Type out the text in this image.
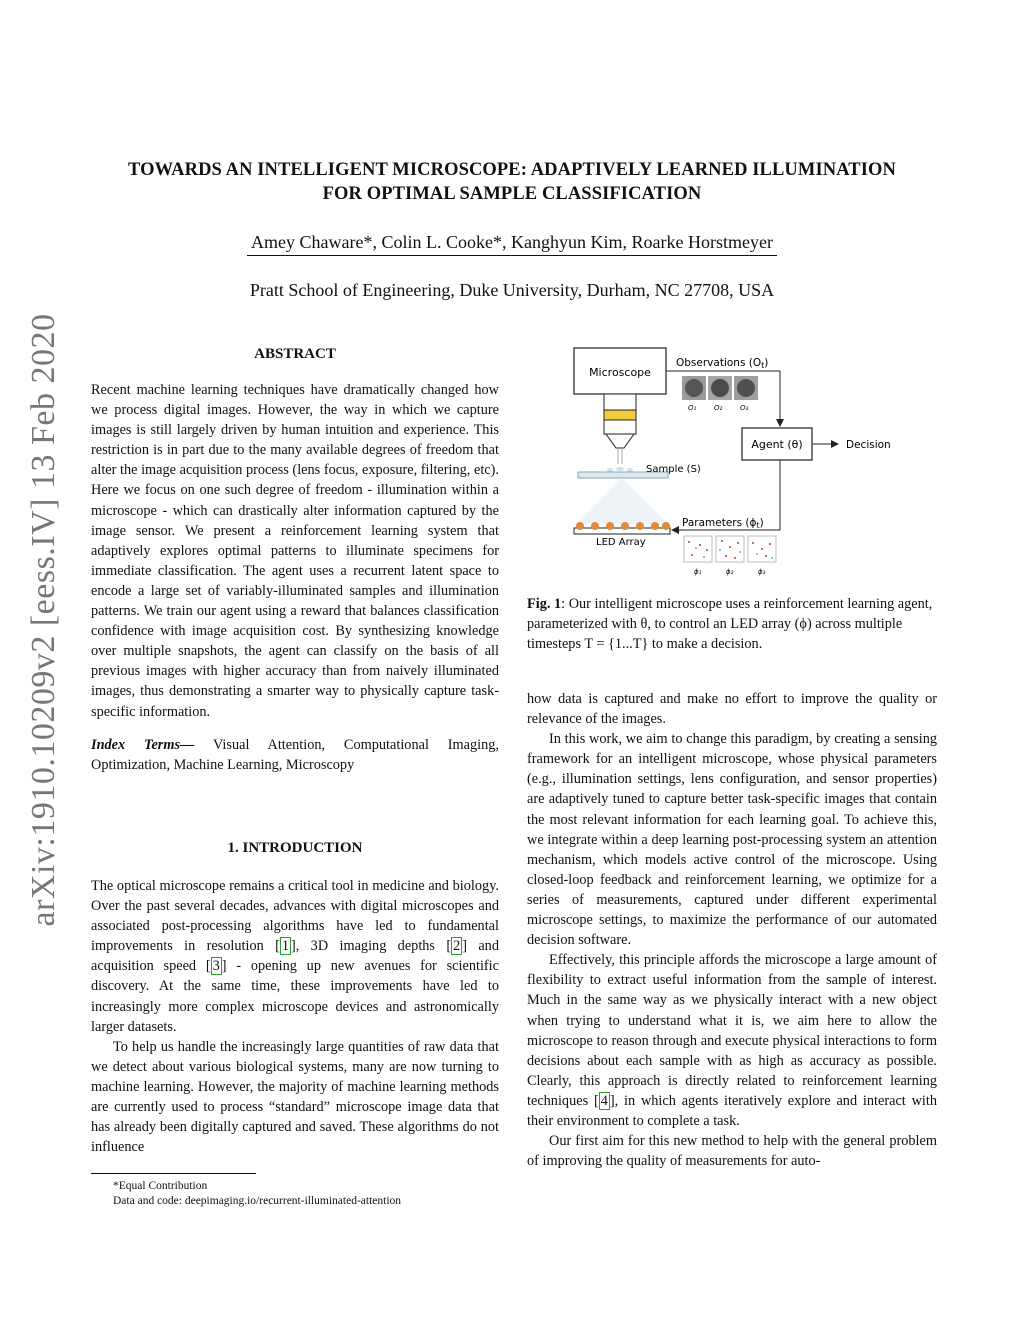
TOWARDS AN INTELLIGENT MICROSCOPE: ADAPTIVELY LEARNED ILLUMINATION
FOR OPTIMAL SAMPLE CLASSIFICATION
Amey Chaware*, Colin L. Cooke*, Kanghyun Kim, Roarke Horstmeyer
Pratt School of Engineering, Duke University, Durham, NC 27708, USA
arXiv:1910.10209v2 [eess.IV] 13 Feb 2020	ABSTRACT

Recent machine learning techniques have dramatically changed how we process digital images. However, the way in which we capture images is still largely driven by human intuition and experience. This restriction is in part due to the many available degrees of freedom that alter the image acquisition process (lens focus, exposure, filtering, etc). Here we focus on one such degree of freedom - illumination within a microscope - which can drastically alter information captured by the image sensor. We present a reinforcement learning system that adaptively explores optimal patterns to illuminate specimens for immediate classification. The agent uses a recurrent latent space to encode a large set of variably-illuminated samples and illumination patterns. We train our agent using a reward that balances classification confidence with image acquisition cost. By synthesizing knowledge over multiple snapshots, the agent can classify on the basis of all previous images with higher accuracy than from naively illuminated images, thus demonstrating a smarter way to physically capture task-specific information.

Index Terms— Visual Attention, Computational Imaging, Optimization, Machine Learning, Microscopy

1. INTRODUCTION

The optical microscope remains a critical tool in medicine and biology. Over the past several decades, advances with digital microscopes and associated post-processing algorithms have led to fundamental improvements in resolution [ 1 ], 3D imaging depths [ 2 ] and acquisition speed [ 3 ] - opening up new avenues for scientific discovery. At the same time, these improvements have led to increasingly more complex microscope devices and astronomically larger datasets.

To help us handle the increasingly large quantities of raw data that we detect about various biological systems, many are now turning to machine learning. However, the majority of machine learning methods are currently used to process “standard” microscope image data that has already been digitally captured and saved. These algorithms do not influence

*Equal Contribution
Data and code: deepimaging.io/recurrent-illuminated-attention
Microscope
Sample (S)
LED Array
Observations (Ot)
O₁	O₂	O₃
Agent (θ)	Decision
Parameters (ϕt)
ϕ₁	ϕ₂	ϕ₃
Fig. 1: Our intelligent microscope uses a reinforcement learning agent, parameterized with θ, to control an LED array (ϕ) across multiple timesteps T = {1...T} to make a decision.

how data is captured and make no effort to improve the quality or relevance of the images.

In this work, we aim to change this paradigm, by creating a sensing framework for an intelligent microscope, whose physical parameters (e.g., illumination settings, lens configuration, and sensor properties) are adaptively tuned to capture better task-specific images that contain the most relevant information for each learning goal. To achieve this, we integrate within a deep learning post-processing system an attention mechanism, which models active control of the microscope. Using closed-loop feedback and reinforcement learning, we optimize for a series of measurements, captured under different experimental microscope settings, to maximize the performance of our automated decision software.

Effectively, this principle affords the microscope a large amount of flexibility to extract useful information from the sample of interest. Much in the same way as we physically interact with a new object when trying to understand what it is, we aim here to allow the microscope to reason through and execute physical interactions to form decisions about each sample with as high as accuracy as possible. Clearly, this approach is directly related to reinforcement learning techniques [ 4 ], in which agents iteratively explore and interact with their environment to complete a task.

Our first aim for this new method to help with the general problem of improving the quality of measurements for auto-
